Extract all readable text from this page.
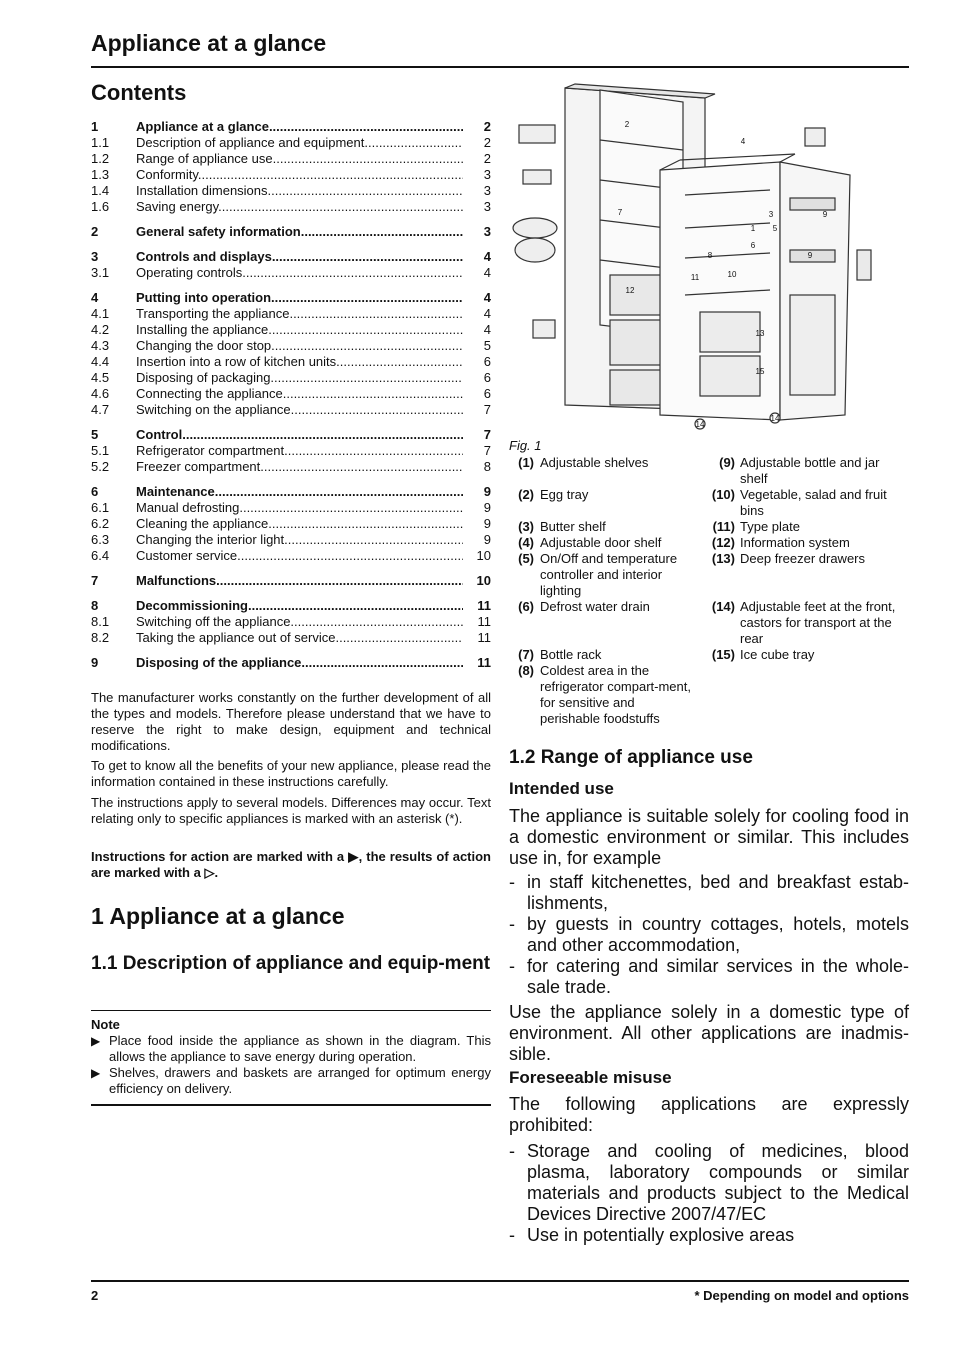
Appliance at a glance
Contents
1	Appliance at a glance .....	2
1.1	Description of appliance and equipment .....	2
1.2	Range of appliance use .....	2
1.3	Conformity .....	3
1.4	Installation dimensions .....	3
1.6	Saving energy .....	3
2	General safety information .....	3
3	Controls and displays .....	4
3.1	Operating controls .....	4
4	Putting into operation .....	4
4.1	Transporting the appliance .....	4
4.2	Installing the appliance .....	4
4.3	Changing the door stop .....	5
4.4	Insertion into a row of kitchen units .....	6
4.5	Disposing of packaging .....	6
4.6	Connecting the appliance .....	6
4.7	Switching on the appliance .....	7
5	Control .....	7
5.1	Refrigerator compartment .....	7
5.2	Freezer compartment .....	8
6	Maintenance .....	9
6.1	Manual defrosting .....	9
6.2	Cleaning the appliance .....	9
6.3	Changing the interior light .....	9
6.4	Customer service .....	10
7	Malfunctions .....	10
8	Decommissioning .....	11
8.1	Switching off the appliance .....	11
8.2	Taking the appliance out of service .....	11
9	Disposing of the appliance .....	11
The manufacturer works constantly on the further development of all the types and models. Therefore please understand that we have to reserve the right to make design, equipment and technical modifications.
To get to know all the benefits of your new appliance, please read the information contained in these instructions carefully.
The instructions apply to several models. Differences may occur. Text relating only to specific appliances is marked with an asterisk (*).
Instructions for action are marked with a ▶, the results of action are marked with a ▷.
1 Appliance at a glance
1.1 Description of appliance and equip-ment
Note
▶ Place food inside the appliance as shown in the diagram. This allows the appliance to save energy during operation.
▶ Shelves, drawers and baskets are arranged for optimum energy efficiency on delivery.
2
4
7
1
3	9
6
5
8	9
11	10
12
13
15
14
14
Fig. 1
(1) Adjustable shelves
(2) Egg tray
(3) Butter shelf
(4) Adjustable door shelf
(5) On/Off and temperature controller and interior lighting
(6) Defrost water drain
(7) Bottle rack
(8) Coldest area in the refrigerator compart-ment, for sensitive and perishable foodstuffs
(9) Adjustable bottle and jar shelf
(10) Vegetable, salad and fruit bins
(11) Type plate
(12) Information system
(13) Deep freezer drawers
(14) Adjustable feet at the front, castors for transport at the rear
(15) Ice cube tray
1.2 Range of appliance use
Intended use
The appliance is suitable solely for cooling food in a domestic environment or similar. This includes use in, for example
- in staff kitchenettes, bed and breakfast estab-lishments,
- by guests in country cottages, hotels, motels and other accommodation,
- for catering and similar services in the whole-sale trade.
Use the appliance solely in a domestic type of environment. All other applications are inadmis-sible.
Foreseeable misuse
The following applications are expressly prohibited:
- Storage and cooling of medicines, blood plasma, laboratory compounds or similar materials and products subject to the Medical Devices Directive 2007/47/EC
- Use in potentially explosive areas
2	* Depending on model and options
